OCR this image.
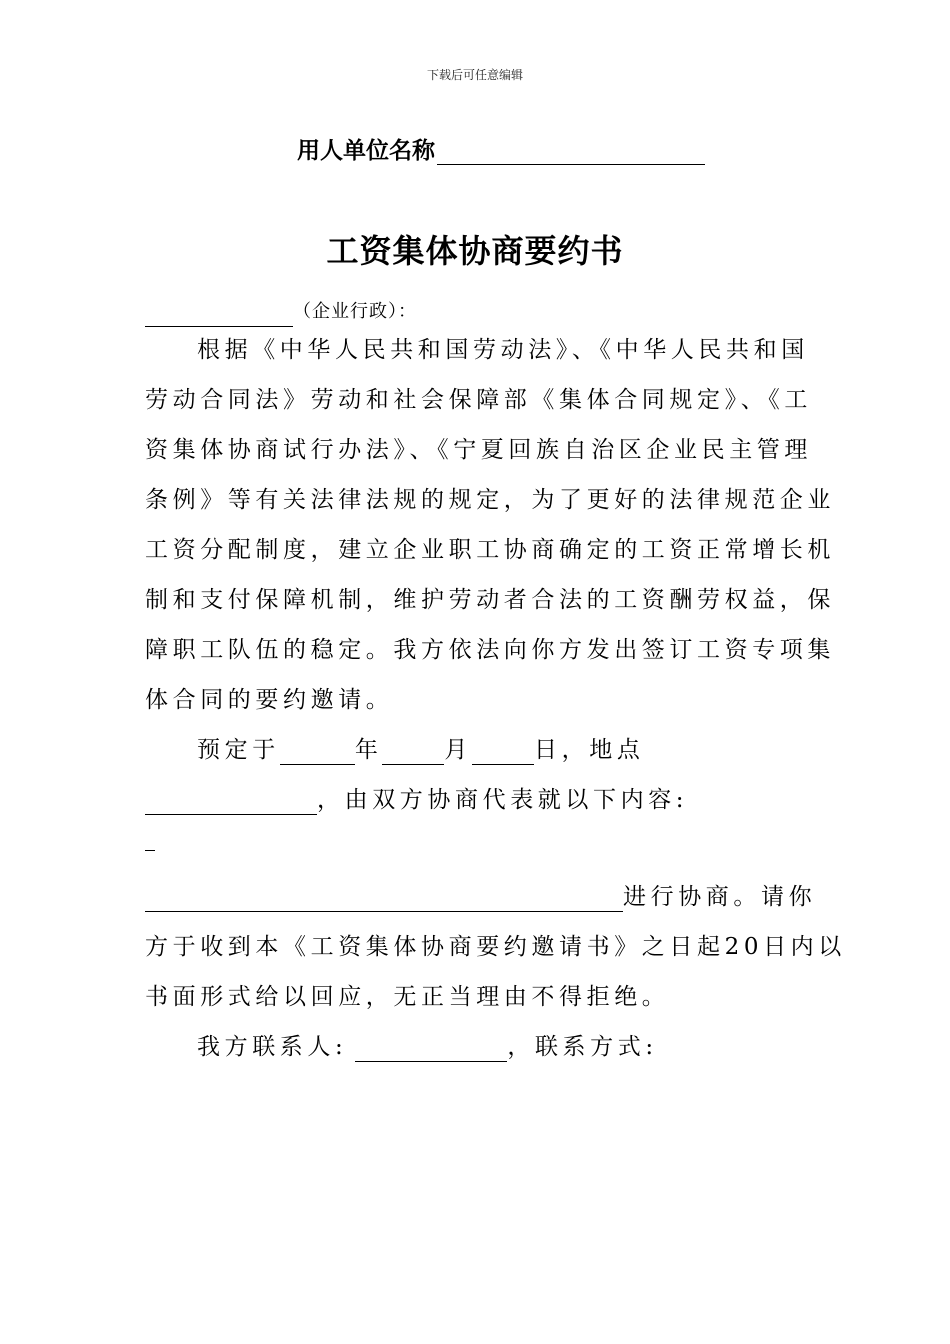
下载后可任意编辑
用人单位名称
工资集体协商要约书
（企业行政）：
根据《中华人民共和国劳动法》、《中华人民共和国
劳动合同法》劳动和社会保障部《集体合同规定》、《工
资集体协商试行办法》、《宁夏回族自治区企业民主管理
条例》等有关法律法规的规定，为了更好的法律规范企业
工资分配制度，建立企业职工协商确定的工资正常增长机
制和支付保障机制，维护劳动者合法的工资酬劳权益，保
障职工队伍的稳定。我方依法向你方发出签订工资专项集
体合同的要约邀请。
预定于	年	月	日，地点
，由双方协商代表就以下内容:
进行协商。请你
方于收到本《工资集体协商要约邀请书》之日起20日内以
书面形式给以回应，无正当理由不得拒绝。
我方联系人:	，联系方式:
